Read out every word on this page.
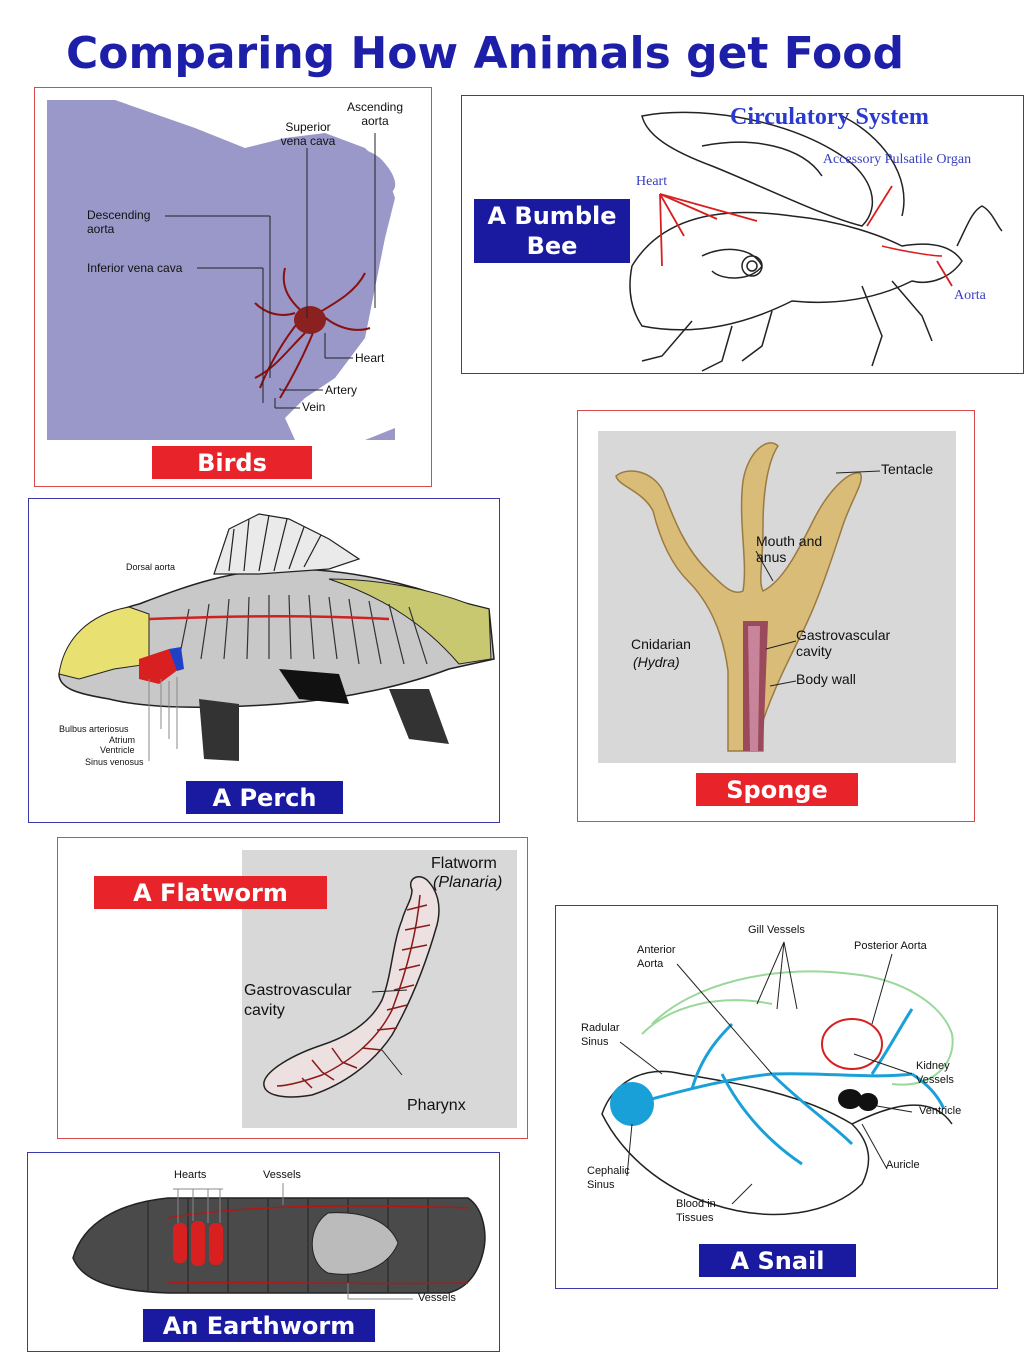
Comparing How Animals get Food
Ascending aorta
Superior vena cava
Descending aorta
Inferior vena cava
Heart
Artery
Vein
Birds
Circulatory System
Accessory Pulsatile Organ
Heart
Aorta
A Bumble Bee
Tentacle
Mouth and anus
Cnidarian
(Hydra)
Gastrovascular cavity
Body wall
Sponge
Dorsal aorta
Bulbus arteriosus
Atrium
Ventricle
Sinus venosus
A Perch
Flatworm
(Planaria)
Gastrovascular cavity
Pharynx
A Flatworm
Gill Vessels
Anterior Aorta
Posterior Aorta
Radular Sinus
Kidney Vessels
Ventricle
Auricle
Cephalic Sinus
Blood in Tissues
A Snail
Hearts	Vessels
Vessels
An Earthworm
